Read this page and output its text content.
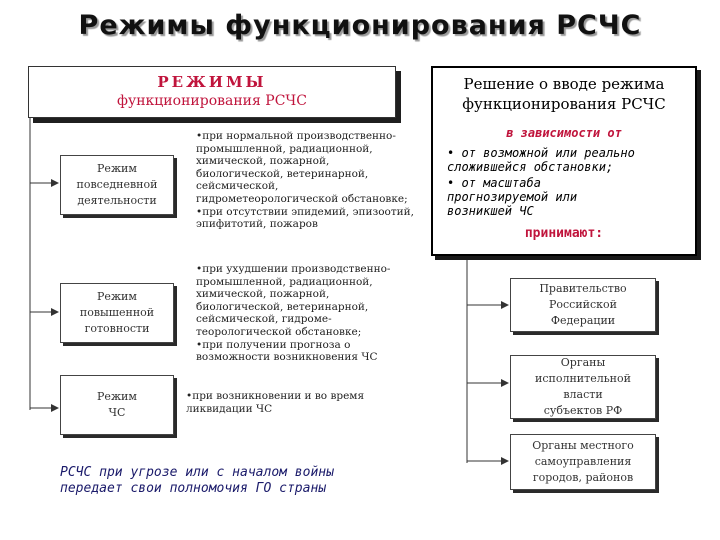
Режимы функционирования РСЧС
РЕЖИМЫ
функционирования РСЧС
Решение о вводе режима
функционирования РСЧС
в зависимости от
• от возможной или реально
сложившейся обстановки;
• от масштаба
прогнозируемой или
возникшей ЧС
принимают:
Режим
повседневной
деятельности

•при нормальной производственно-

промышленной, радиационной,

химической, пожарной,

биологической, ветеринарной,

сейсмической,

гидрометеорологической обстановке;

•при отсутствии эпидемий, эпизоотий,

эпифитотий, пожаров

Режим
повышенной
готовности

•при ухудшении производственно-

промышленной, радиационной,

химической, пожарной,

биологической, ветеринарной,

сейсмической, гидроме-

теорологической обстановке;

•при получении прогноза о

возможности возникновения ЧС

Режим
ЧС

•при возникновении и во время

ликвидации ЧС

Правительство
Российской
Федерации
Органы
исполнительной
власти
субъектов РФ
Органы местного
самоуправления
городов, районов
РСЧС при угрозе или с началом войны
передает свои полномочия ГО страны
